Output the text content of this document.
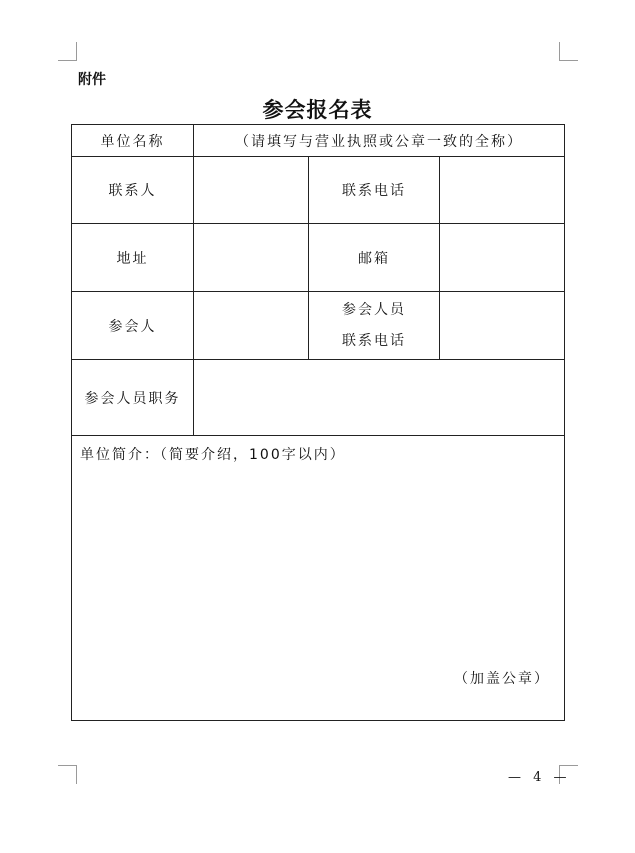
附件
参会报名表
单位名称	（请填写与营业执照或公章一致的全称）		
联系人		联系电话	
地址		邮箱	
参会人		参会人员
联系电话	

参会人员职务			

单位简介：（简要介绍，100字以内）
（加盖公章）			
— 4 —
